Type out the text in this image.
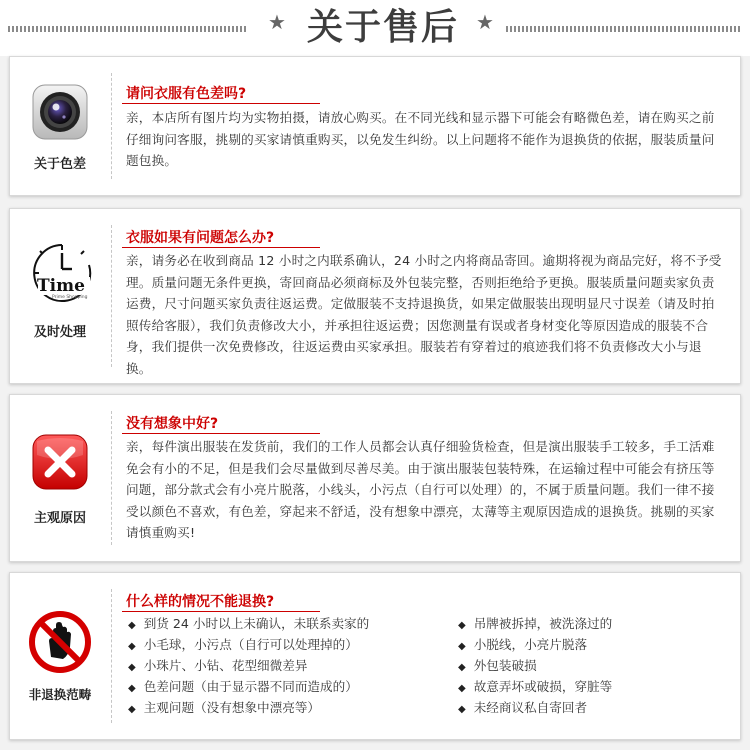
★ 关于售后 ★
关于色差
请问衣服有色差吗?
亲，本店所有图片均为实物拍摄，请放心购买。在不同光线和显示器下可能会有略微色差，请在购买之前仔细询问客服，挑剔的买家请慎重购买，以免发生纠纷。以上问题将不能作为退换货的依据，服装质量问题包换。
Time
Prime Shopping
及时处理
衣服如果有问题怎么办?
亲，请务必在收到商品 12 小时之内联系确认，24 小时之内将商品寄回。逾期将视为商品完好，将不予受理。质量问题无条件更换，寄回商品必须商标及外包装完整，否则拒绝给予更换。服装质量问题卖家负责运费，尺寸问题买家负责往返运费。定做服装不支持退换货，如果定做服装出现明显尺寸误差（请及时拍照传给客服），我们负责修改大小，并承担往返运费；因您测量有误或者身材变化等原因造成的服装不合身，我们提供一次免费修改，往返运费由买家承担。服装若有穿着过的痕迹我们将不负责修改大小与退换。
主观原因
没有想象中好?
亲，每件演出服装在发货前，我们的工作人员都会认真仔细验货检查，但是演出服装手工较多，手工活难免会有小的不足，但是我们会尽量做到尽善尽美。由于演出服装包装特殊，在运输过程中可能会有挤压等问题，部分款式会有小亮片脱落，小线头，小污点（自行可以处理）的，不属于质量问题。我们一律不接受以颜色不喜欢，有色差，穿起来不舒适，没有想象中漂亮，太薄等主观原因造成的退换货。挑剔的买家请慎重购买!
非退换范畴
什么样的情况不能退换?
◆ 到货 24 小时以上未确认，未联系卖家的
◆ 小毛球，小污点（自行可以处理掉的）
◆ 小珠片、小钻、花型细微差异
◆ 色差问题（由于显示器不同而造成的）
◆ 主观问题（没有想象中漂亮等）
◆ 吊牌被拆掉，被洗涤过的
◆ 小脱线，小亮片脱落
◆ 外包装破损
◆ 故意弄坏或破损，穿脏等
◆ 未经商议私自寄回者
